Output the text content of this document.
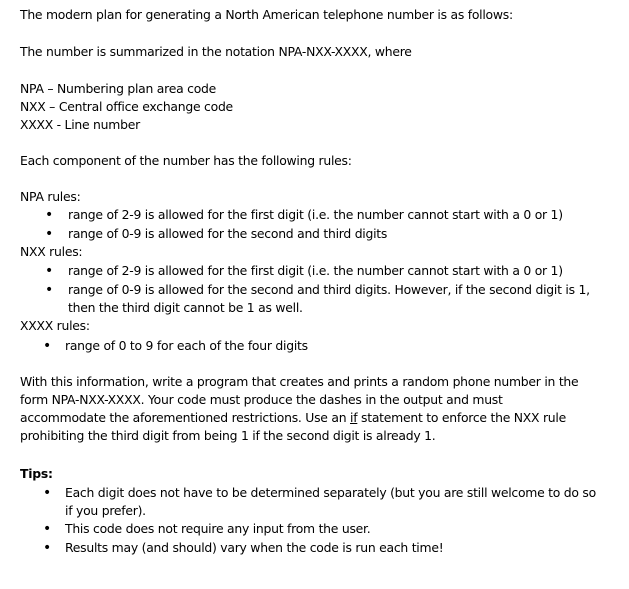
The modern plan for generating a North American telephone number is as follows:

The number is summarized in the notation NPA-NXX-XXXX, where

NPA – Numbering plan area code

NXX – Central office exchange code

XXXX - Line number

Each component of the number has the following rules:

NPA rules:

• range of 2-9 is allowed for the first digit (i.e. the number cannot start with a 0 or 1)
• range of 0-9 is allowed for the second and third digits

NXX rules:

• range of 2-9 is allowed for the first digit (i.e. the number cannot start with a 0 or 1)
• range of 0-9 is allowed for the second and third digits. However, if the second digit is 1,
then the third digit cannot be 1 as well.

XXXX rules:

• range of 0 to 9 for each of the four digits

With this information, write a program that creates and prints a random phone number in the

form NPA-NXX-XXXX. Your code must produce the dashes in the output and must

accommodate the aforementioned restrictions. Use an if statement to enforce the NXX rule

prohibiting the third digit from being 1 if the second digit is already 1.

Tips:

• Each digit does not have to be determined separately (but you are still welcome to do so
if you prefer).
• This code does not require any input from the user.
• Results may (and should) vary when the code is run each time!
